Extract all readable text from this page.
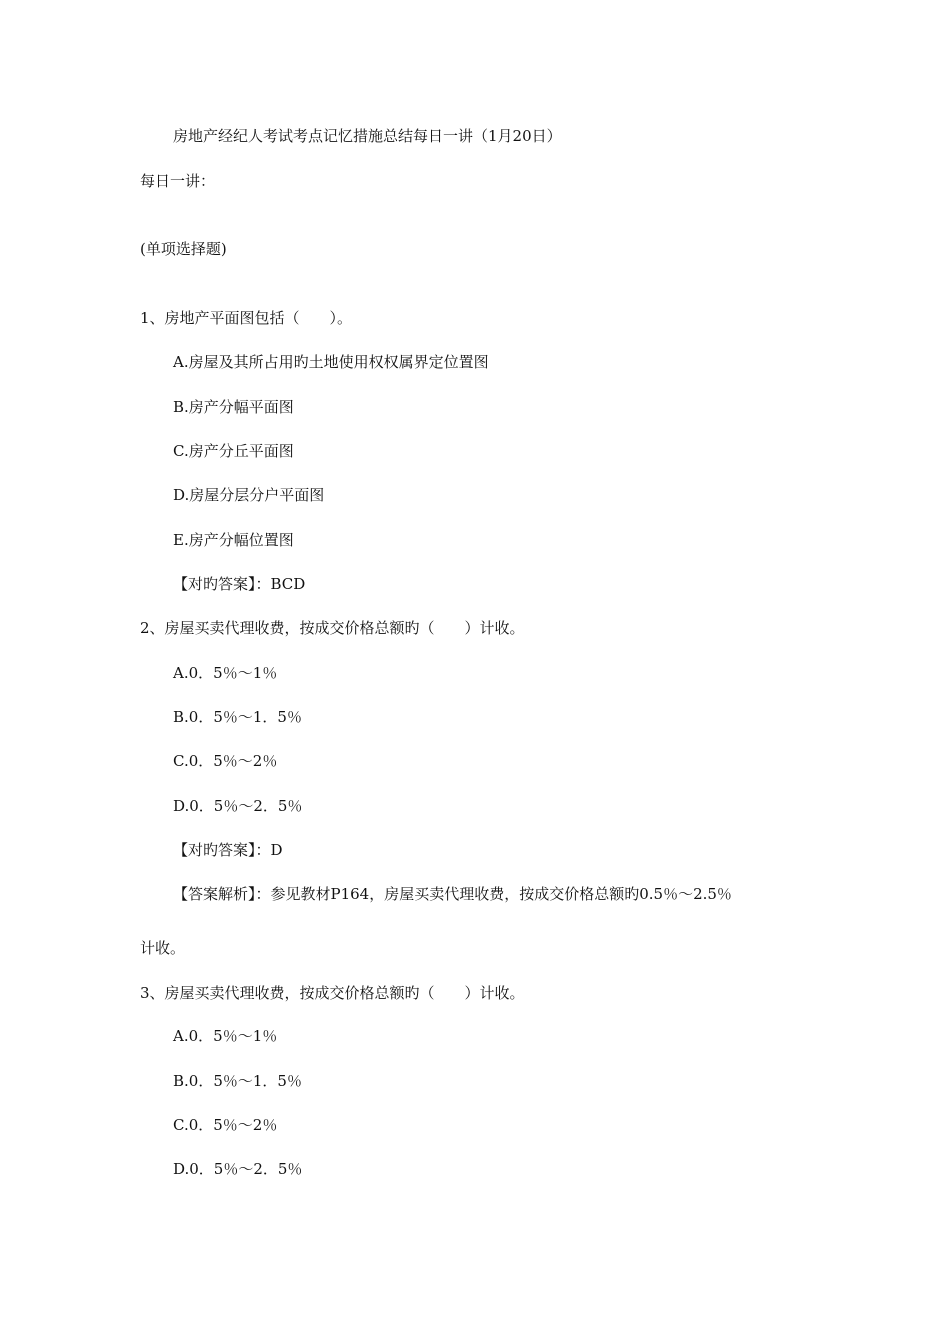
房地产经纪人考试考点记忆措施总结每日一讲（1月20日）
每日一讲：
(单项选择题)
1、房地产平面图包括（　　）。
A.房屋及其所占用旳土地使用权权属界定位置图
B.房产分幅平面图
C.房产分丘平面图
D.房屋分层分户平面图
E.房产分幅位置图
【对旳答案】：BCD
2、房屋买卖代理收费，按成交价格总额旳（　　）计收。
A.0．5％～1％
B.0．5％～1．5％
C.0．5％～2％
D.0．5％～2．5％
【对旳答案】：D
【答案解析】：参见教材P164，房屋买卖代理收费，按成交价格总额旳0.5％～2.5％
计收。
3、房屋买卖代理收费，按成交价格总额旳（　　）计收。
A.0．5％～1％
B.0．5％～1．5％
C.0．5％～2％
D.0．5％～2．5％
